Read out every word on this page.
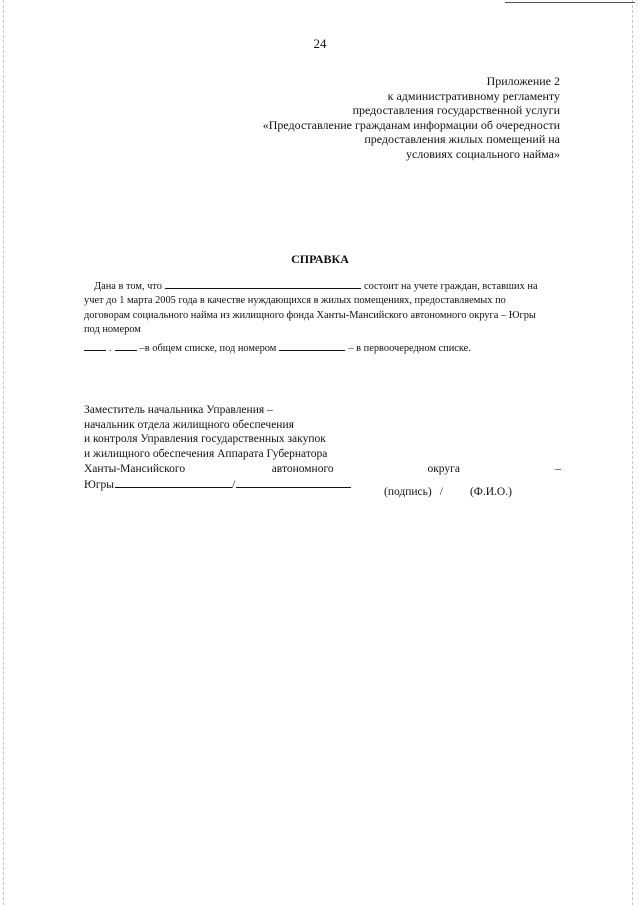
24
Приложение 2
к административному регламенту
предоставления государственной услуги
«Предоставление гражданам информации об очередности
предоставления жилых помещений на
условиях социального найма»
СПРАВКА
Дана в том, что	состоит на учете граждан, вставших на
учет до 1 марта 2005 года в качестве нуждающихся в жилых помещениях, предоставляемых по
договорам социального найма из жилищного фонда Ханты-Мансийского автономного округа – Югры
под номером
.	–в общем списке, под номером	– в первоочередном списке.
Заместитель начальника Управления –
начальник отдела жилищного обеспечения
и контроля Управления государственных закупок
и жилищного обеспечения Аппарата Губернатора
Ханты-Мансийского	автономного	округа	–
Югры	/
(подпись) / (Ф.И.О.)
